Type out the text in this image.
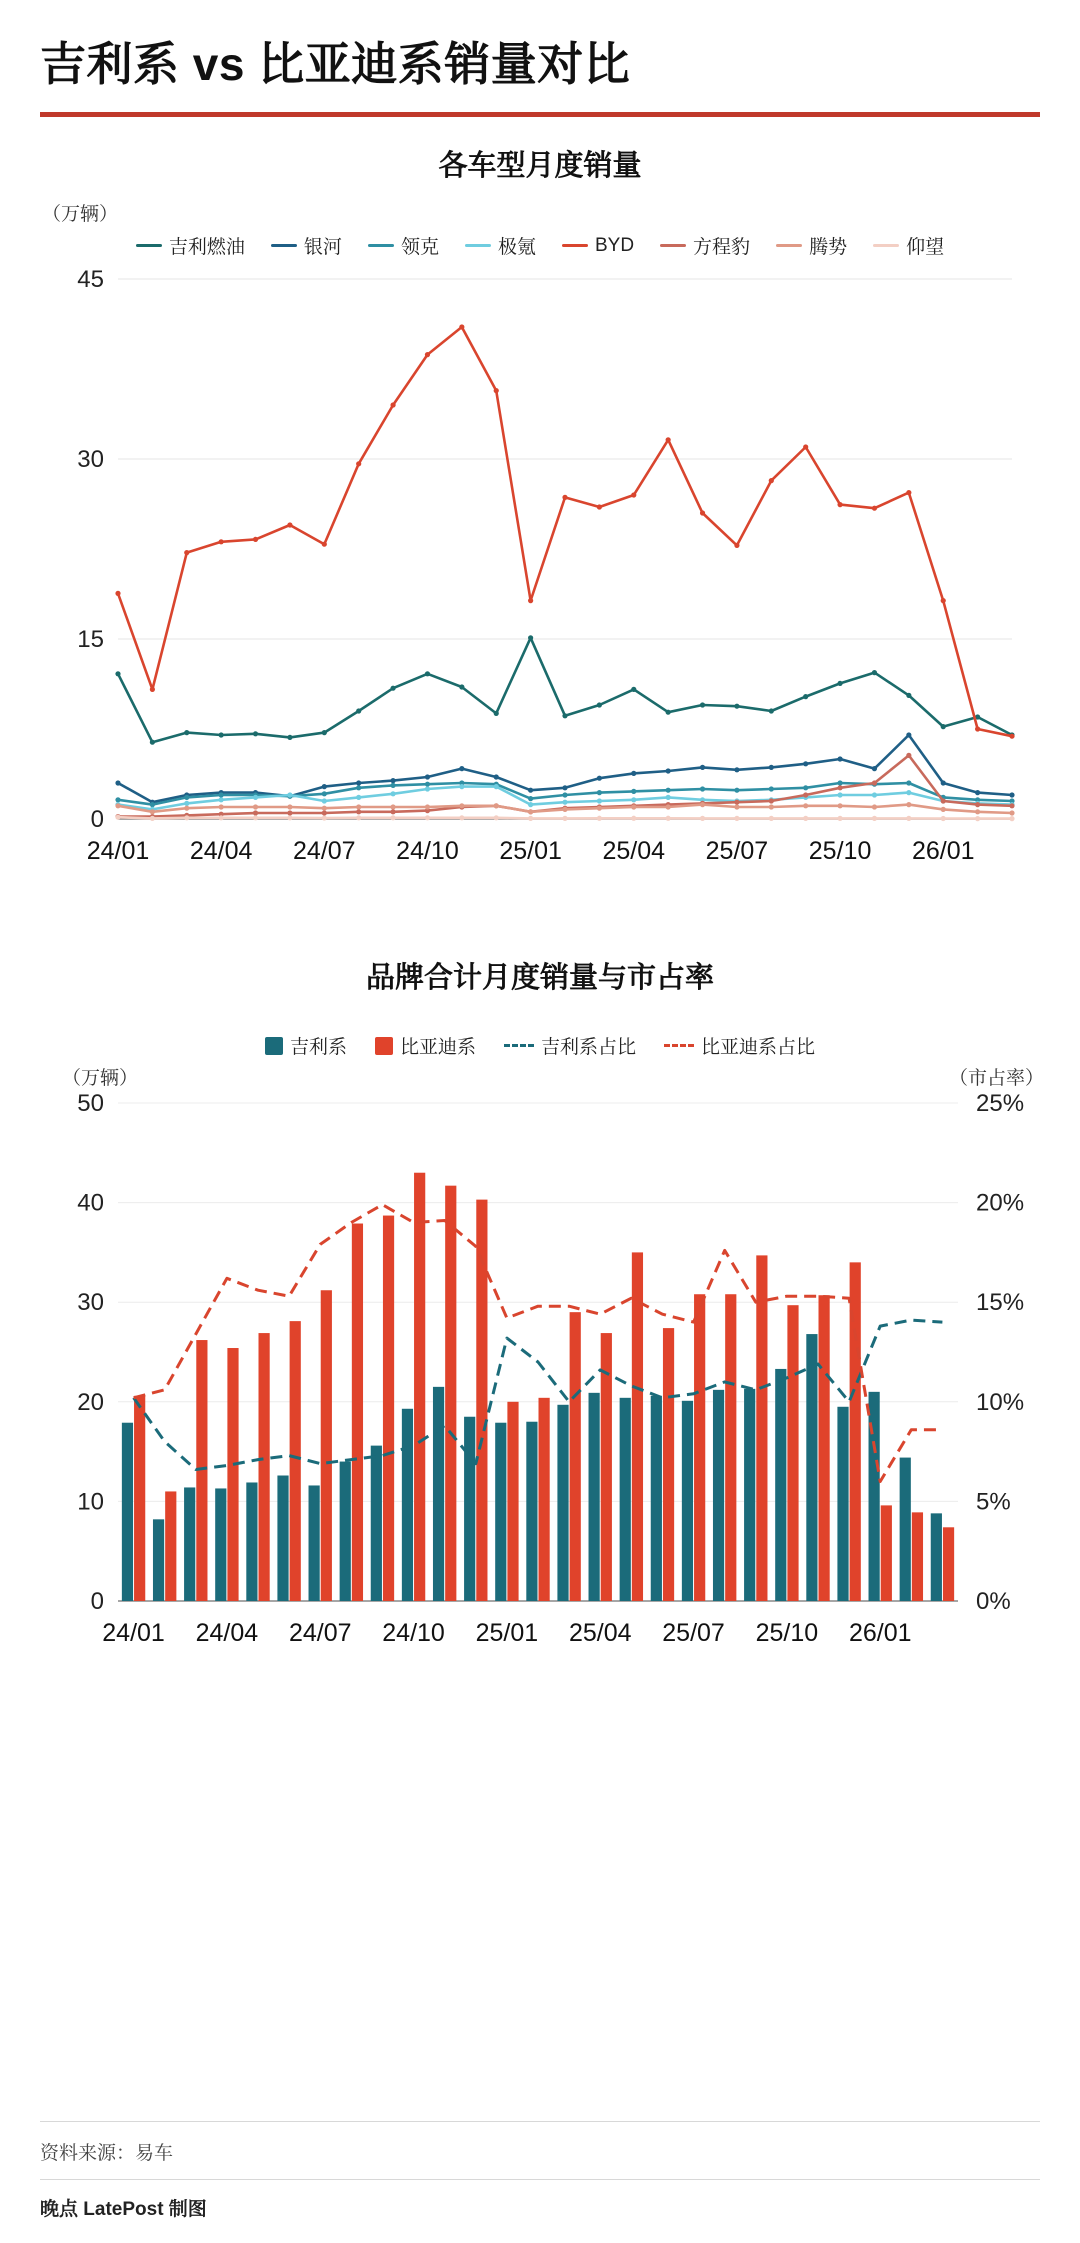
吉利系 vs 比亚迪系销量对比
各车型月度销量
（万辆）
吉利燃油	银河	领克	极氪	BYD	方程豹	腾势	仰望
0
15
30
45
24/01 24/04 24/07 24/10 25/01 25/04 25/07 25/10 26/01
品牌合计月度销量与市占率
吉利系	比亚迪系	吉利系占比	比亚迪系占比
（万辆）	（市占率）
0
10
20
30
40
50
0%
5%
10%
15%
20%
25%
24/01 24/04 24/07 24/10 25/01 25/04 25/07 25/10 26/01
资料来源：易车
晚点 LatePost 制图
